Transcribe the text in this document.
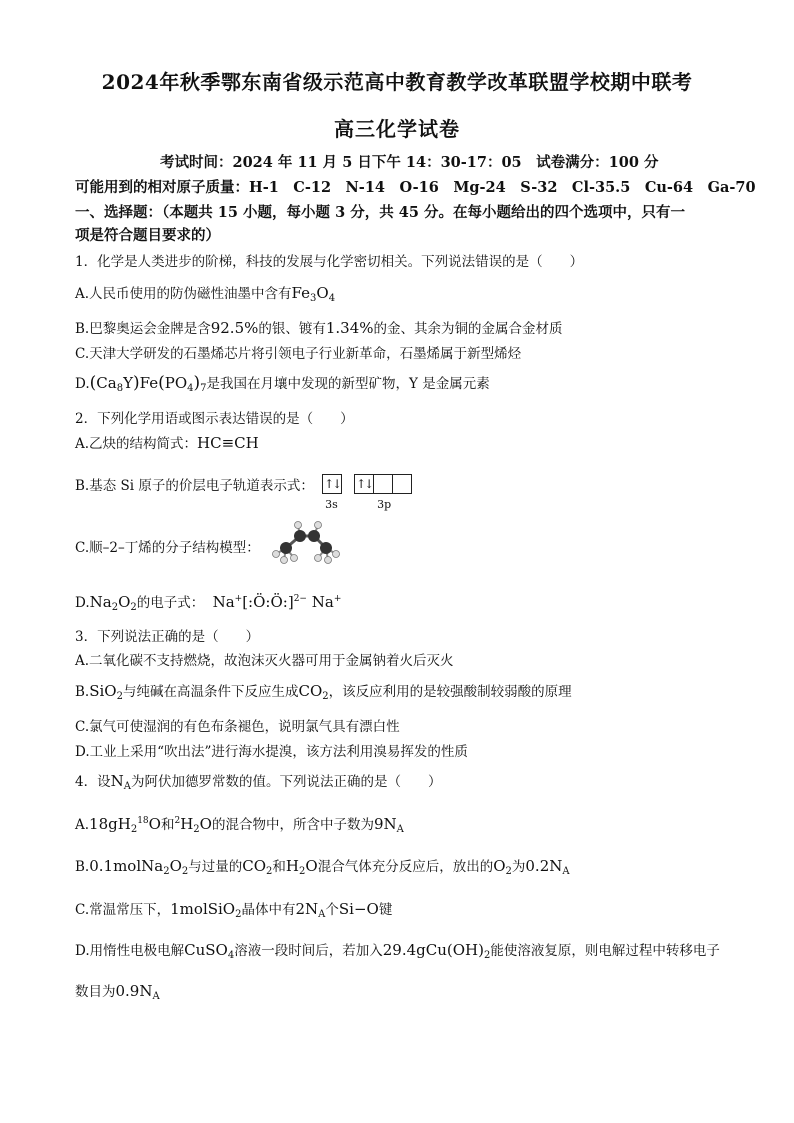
2024年秋季鄂东南省级示范高中教育教学改革联盟学校期中联考
高三化学试卷
考试时间：2024 年 11 月 5 日下午 14：30-17：05　试卷满分：100 分
可能用到的相对原子质量：H-1　C-12　N-14　O-16　Mg-24　S-32　Cl-35.5　Cu-64　Ga-70
一、选择题：（本题共 15 小题，每小题 3 分，共 45 分。在每小题给出的四个选项中，只有一
项是符合题目要求的）
1．化学是人类进步的阶梯，科技的发展与化学密切相关。下列说法错误的是（　　）
A.人民币使用的防伪磁性油墨中含有$Fe_3O_4$
B.巴黎奥运会金牌是含92.5%的银、镀有1.34%的金、其余为铜的金属合金材质
C.天津大学研发的石墨烯芯片将引领电子行业新革命，石墨烯属于新型烯烃
$D.(Ca_8Y)Fe(PO_4)_7$是我国在月壤中发现的新型矿物，Y 是金属元素
2．下列化学用语或图示表达错误的是（　　）
A.乙炔的结构简式：HC≡CH
B.基态 Si 原子的价层电子轨道表示式： ↑↓ ↑↓
3s	3p
C.顺–2–丁烯的分子结构模型：
$D.Na_2O_2$的电子式： Na+[:Ö:Ö:]$^{2-}$ Na+
3．下列说法正确的是（　　）
A.二氧化碳不支持燃烧，故泡沫灭火器可用于金属钠着火后灭火
B.SiO$_2$与纯碱在高温条件下反应生成$CO_2$，该反应利用的是较强酸制较弱酸的原理
C.氯气可使湿润的有色布条褪色，说明氯气具有漂白性
D.工业上采用“吹出法”进行海水提溴，该方法利用溴易挥发的性质
4．设$N_A$为阿伏加德罗常数的值。下列说法正确的是（　　）
$A.18gH_2^{18}O$和$^2H_2O$的混合物中，所含中子数为$9N_A$
$B.0.1molNa_2O_2$与过量的$CO_2$和$H_2O$混合气体充分反应后，放出的$O_2$为$0.2N_A$
C.常温常压下，1molSiO$_2$晶体中有$2N_A$个Si−O键
D.用惰性电极电解CuSO$_4$溶液一段时间后，若加入$29.4gCu(OH)_2$能使溶液复原，则电解过程中转移电子
数目为$0.9N_A$
